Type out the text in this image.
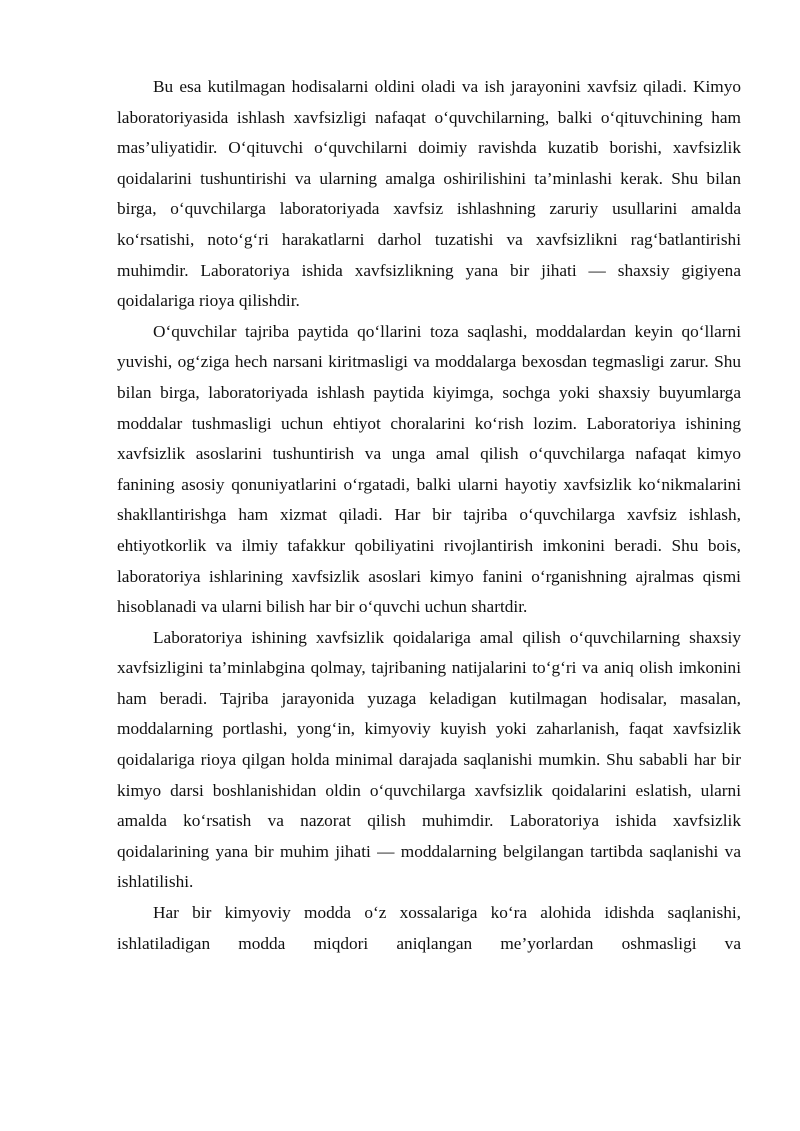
Bu esa kutilmagan hodisalarni oldini oladi va ish jarayonini xavfsiz qiladi. Kimyo laboratoriyasida ishlash xavfsizligi nafaqat o‘quvchilarning, balki o‘qituvchining ham mas’uliyatidir. O‘qituvchi o‘quvchilarni doimiy ravishda kuzatib borishi, xavfsizlik qoidalarini tushuntirishi va ularning amalga oshirilishini ta’minlashi kerak. Shu bilan birga, o‘quvchilarga laboratoriyada xavfsiz ishlashning zaruriy usullarini amalda ko‘rsatishi, noto‘g‘ri harakatlarni darhol tuzatishi va xavfsizlikni rag‘batlantirishi muhimdir. Laboratoriya ishida xavfsizlikning yana bir jihati — shaxsiy gigiyena qoidalariga rioya qilishdir.

O‘quvchilar tajriba paytida qo‘llarini toza saqlashi, moddalardan keyin qo‘llarni yuvishi, og‘ziga hech narsani kiritmasligi va moddalarga bexosdan tegmasligi zarur. Shu bilan birga, laboratoriyada ishlash paytida kiyimga, sochga yoki shaxsiy buyumlarga moddalar tushmasligi uchun ehtiyot choralarini ko‘rish lozim. Laboratoriya ishining xavfsizlik asoslarini tushuntirish va unga amal qilish o‘quvchilarga nafaqat kimyo fanining asosiy qonuniyatlarini o‘rgatadi, balki ularni hayotiy xavfsizlik ko‘nikmalarini shakllantirishga ham xizmat qiladi. Har bir tajriba o‘quvchilarga xavfsiz ishlash, ehtiyotkorlik va ilmiy tafakkur qobiliyatini rivojlantirish imkonini beradi. Shu bois, laboratoriya ishlarining xavfsizlik asoslari kimyo fanini o‘rganishning ajralmas qismi hisoblanadi va ularni bilish har bir o‘quvchi uchun shartdir.

Laboratoriya ishining xavfsizlik qoidalariga amal qilish o‘quvchilarning shaxsiy xavfsizligini ta’minlabgina qolmay, tajribaning natijalarini to‘g‘ri va aniq olish imkonini ham beradi. Tajriba jarayonida yuzaga keladigan kutilmagan hodisalar, masalan, moddalarning portlashi, yong‘in, kimyoviy kuyish yoki zaharlanish, faqat xavfsizlik qoidalariga rioya qilgan holda minimal darajada saqlanishi mumkin. Shu sababli har bir kimyo darsi boshlanishidan oldin o‘quvchilarga xavfsizlik qoidalarini eslatish, ularni amalda ko‘rsatish va nazorat qilish muhimdir. Laboratoriya ishida xavfsizlik qoidalarining yana bir muhim jihati — moddalarning belgilangan tartibda saqlanishi va ishlatilishi.

Har bir kimyoviy modda o‘z xossalariga ko‘ra alohida idishda saqlanishi, ishlatiladigan modda miqdori aniqlangan me’yorlardan oshmasligi va
